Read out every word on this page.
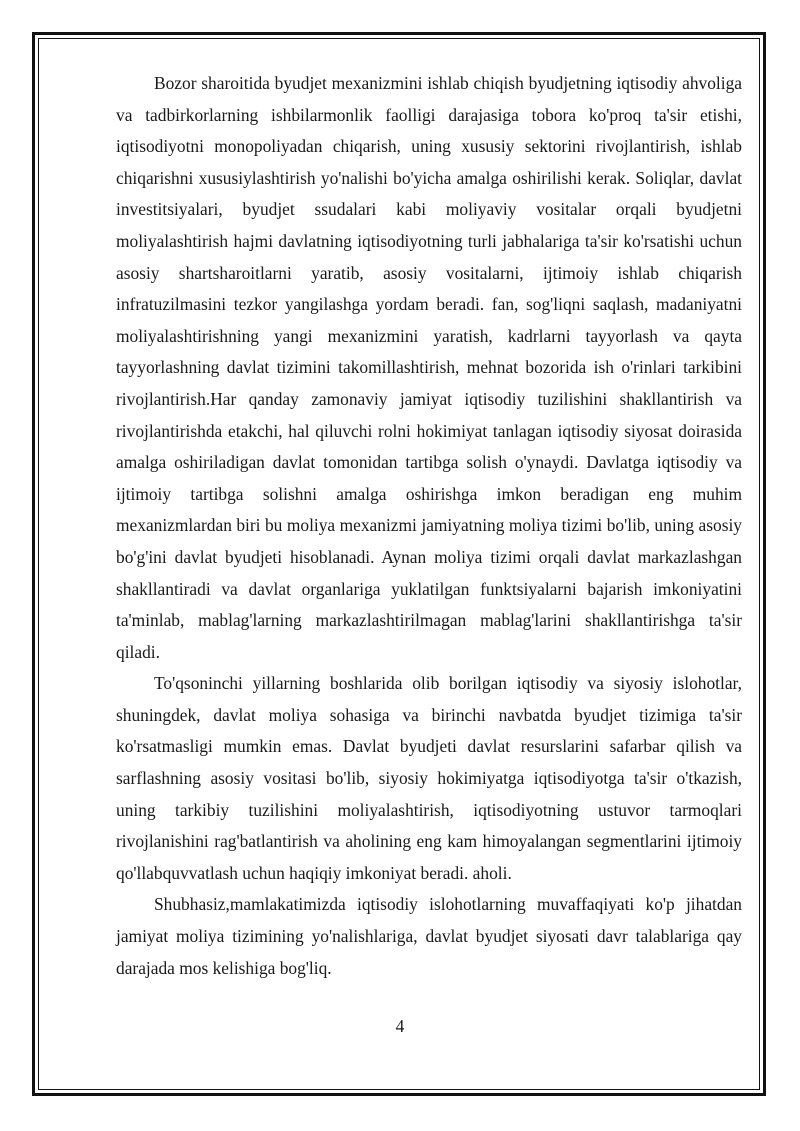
Bozor sharoitida byudjet mexanizmini ishlab chiqish byudjetning iqtisodiy ahvoliga va tadbirkorlarning ishbilarmonlik faolligi darajasiga tobora ko'proq ta'sir etishi, iqtisodiyotni monopoliyadan chiqarish, uning xususiy sektorini rivojlantirish, ishlab chiqarishni xususiylashtirish yo'nalishi bo'yicha amalga oshirilishi kerak. Soliqlar, davlat investitsiyalari, byudjet ssudalari kabi moliyaviy vositalar orqali byudjetni moliyalashtirish hajmi davlatning iqtisodiyotning turli jabhalariga ta'sir ko'rsatishi uchun asosiy shartsharoitlarni yaratib, asosiy vositalarni, ijtimoiy ishlab chiqarish infratuzilmasini tezkor yangilashga yordam beradi. fan, sog'liqni saqlash, madaniyatni moliyalashtirishning yangi mexanizmini yaratish, kadrlarni tayyorlash va qayta tayyorlashning davlat tizimini takomillashtirish, mehnat bozorida ish o'rinlari tarkibini rivojlantirish.Har qanday zamonaviy jamiyat iqtisodiy tuzilishini shakllantirish va rivojlantirishda etakchi, hal qiluvchi rolni hokimiyat tanlagan iqtisodiy siyosat doirasida amalga oshiriladigan davlat tomonidan tartibga solish o'ynaydi. Davlatga iqtisodiy va ijtimoiy tartibga solishni amalga oshirishga imkon beradigan eng muhim mexanizmlardan biri bu moliya mexanizmi jamiyatning moliya tizimi bo'lib, uning asosiy bo'g'ini davlat byudjeti hisoblanadi. Aynan moliya tizimi orqali davlat markazlashgan shakllantiradi va davlat organlariga yuklatilgan funktsiyalarni bajarish imkoniyatini ta'minlab, mablag'larning markazlashtirilmagan mablag'larini shakllantirishga ta'sir qiladi.

To'qsoninchi yillarning boshlarida olib borilgan iqtisodiy va siyosiy islohotlar, shuningdek, davlat moliya sohasiga va birinchi navbatda byudjet tizimiga ta'sir ko'rsatmasligi mumkin emas. Davlat byudjeti davlat resurslarini safarbar qilish va sarflashning asosiy vositasi bo'lib, siyosiy hokimiyatga iqtisodiyotga ta'sir o'tkazish, uning tarkibiy tuzilishini moliyalashtirish, iqtisodiyotning ustuvor tarmoqlari rivojlanishini rag'batlantirish va aholining eng kam himoyalangan segmentlarini ijtimoiy qo'llabquvvatlash uchun haqiqiy imkoniyat beradi. aholi.

Shubhasiz,mamlakatimizda iqtisodiy islohotlarning muvaffaqiyati ko'p jihatdan jamiyat moliya tizimining yo'nalishlariga, davlat byudjet siyosati davr talablariga qay darajada mos kelishiga bog'liq.

4
